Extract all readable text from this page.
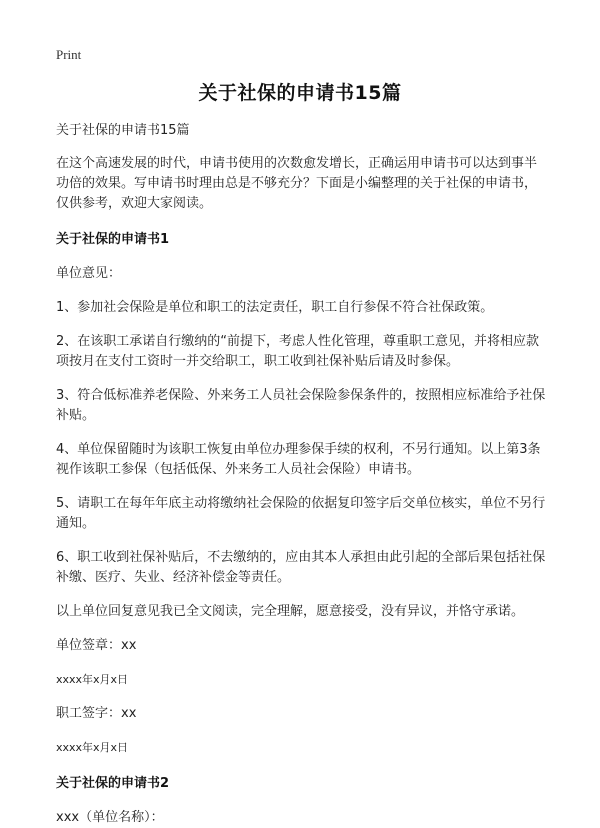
Print
关于社保的申请书15篇

关于社保的申请书15篇

在这个高速发展的时代，申请书使用的次数愈发增长，正确运用申请书可以达到事半功倍的效果。写申请书时理由总是不够充分？下面是小编整理的关于社保的申请书，仅供参考，欢迎大家阅读。

关于社保的申请书1

单位意见：

1、参加社会保险是单位和职工的法定责任，职工自行参保不符合社保政策。

2、在该职工承诺自行缴纳的“前提下，考虑人性化管理，尊重职工意见，并将相应款项按月在支付工资时一并交给职工，职工收到社保补贴后请及时参保。

3、符合低标准养老保险、外来务工人员社会保险参保条件的，按照相应标准给予社保补贴。

4、单位保留随时为该职工恢复由单位办理参保手续的权利，不另行通知。以上第3条视作该职工参保（包括低保、外来务工人员社会保险）申请书。

5、请职工在每年年底主动将缴纳社会保险的依据复印签字后交单位核实，单位不另行通知。

6、职工收到社保补贴后，不去缴纳的，应由其本人承担由此引起的全部后果包括社保补缴、医疗、失业、经济补偿金等责任。

以上单位回复意见我已全文阅读，完全理解，愿意接受，没有异议，并恪守承诺。

单位签章：xx

xxxx年x月x日

职工签字：xx

xxxx年x月x日

关于社保的申请书2

xxx（单位名称）：
